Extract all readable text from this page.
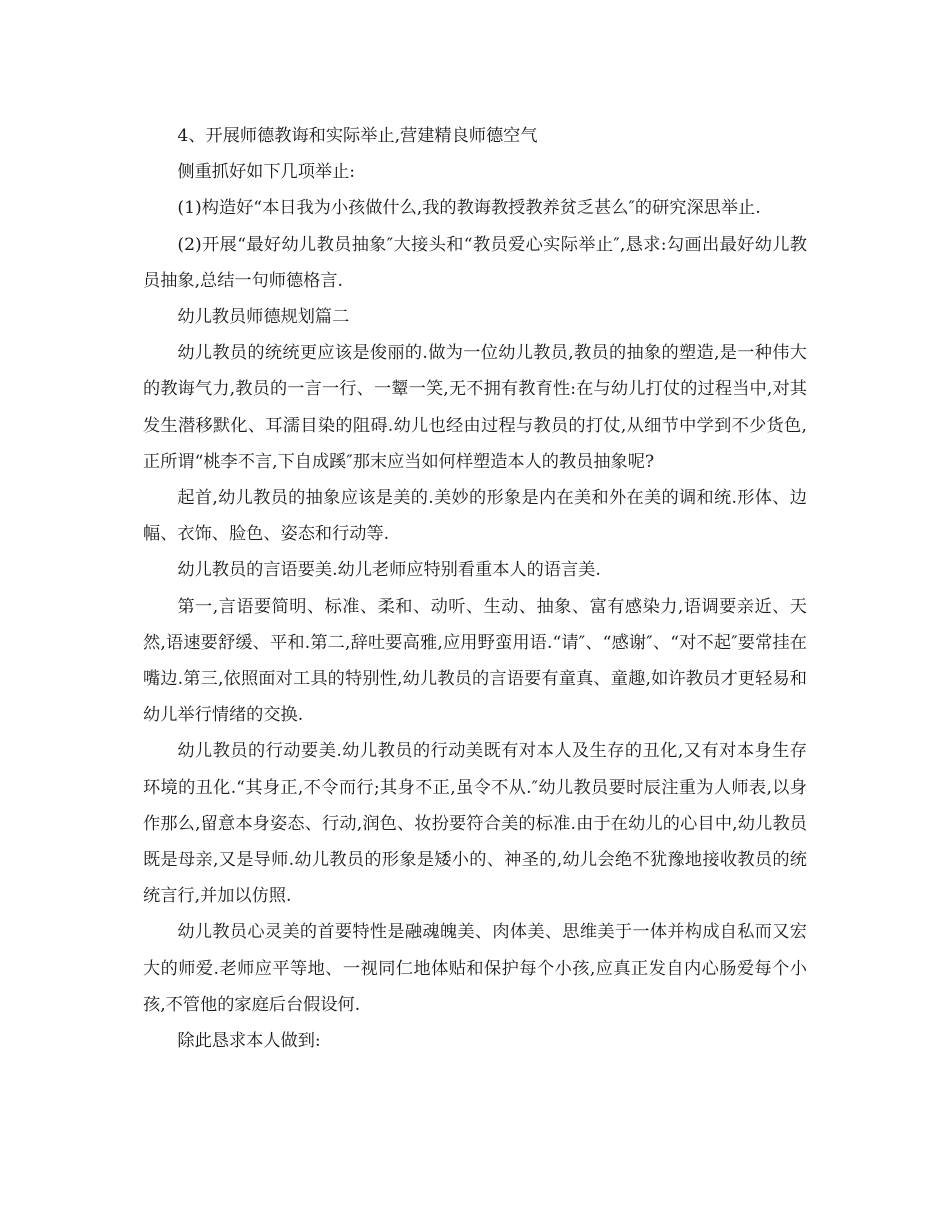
4、开展师德教诲和实际举止,营建精良师德空气

侧重抓好如下几项举止:

(1)构造好“本日我为小孩做什么,我的教诲教授教养贫乏甚么″的研究深思举止.

(2)开展“最好幼儿教员抽象″大接头和“教员爱心实际举止″,恳求:勾画出最好幼儿教员抽象,总结一句师德格言.

幼儿教员师德规划篇二

幼儿教员的统统更应该是俊丽的.做为一位幼儿教员,教员的抽象的塑造,是一种伟大的教诲气力,教员的一言一行、一颦一笑,无不拥有教育性:在与幼儿打仗的过程当中,对其发生潜移默化、耳濡目染的阻碍.幼儿也经由过程与教员的打仗,从细节中学到不少货色,正所谓“桃李不言,下自成蹊″那末应当如何样塑造本人的教员抽象呢?

起首,幼儿教员的抽象应该是美的.美妙的形象是内在美和外在美的调和统.形体、边幅、衣饰、脸色、姿态和行动等.

幼儿教员的言语要美.幼儿老师应特别看重本人的语言美.

第一,言语要简明、标准、柔和、动听、生动、抽象、富有感染力,语调要亲近、天然,语速要舒缓、平和.第二,辞吐要高雅,应用野蛮用语.“请″、“感谢″、“对不起″要常挂在嘴边.第三,依照面对工具的特别性,幼儿教员的言语要有童真、童趣,如许教员才更轻易和幼儿举行情绪的交换.

幼儿教员的行动要美.幼儿教员的行动美既有对本人及生存的丑化,又有对本身生存环境的丑化.“其身正,不令而行;其身不正,虽令不从.″幼儿教员要时辰注重为人师表,以身作那么,留意本身姿态、行动,润色、妆扮要符合美的标准.由于在幼儿的心目中,幼儿教员既是母亲,又是导师.幼儿教员的形象是矮小的、神圣的,幼儿会绝不犹豫地接收教员的统统言行,并加以仿照.

幼儿教员心灵美的首要特性是融魂魄美、肉体美、思维美于一体并构成自私而又宏大的师爱.老师应平等地、一视同仁地体贴和保护每个小孩,应真正发自内心肠爱每个小孩,不管他的家庭后台假设何.

除此恳求本人做到:
